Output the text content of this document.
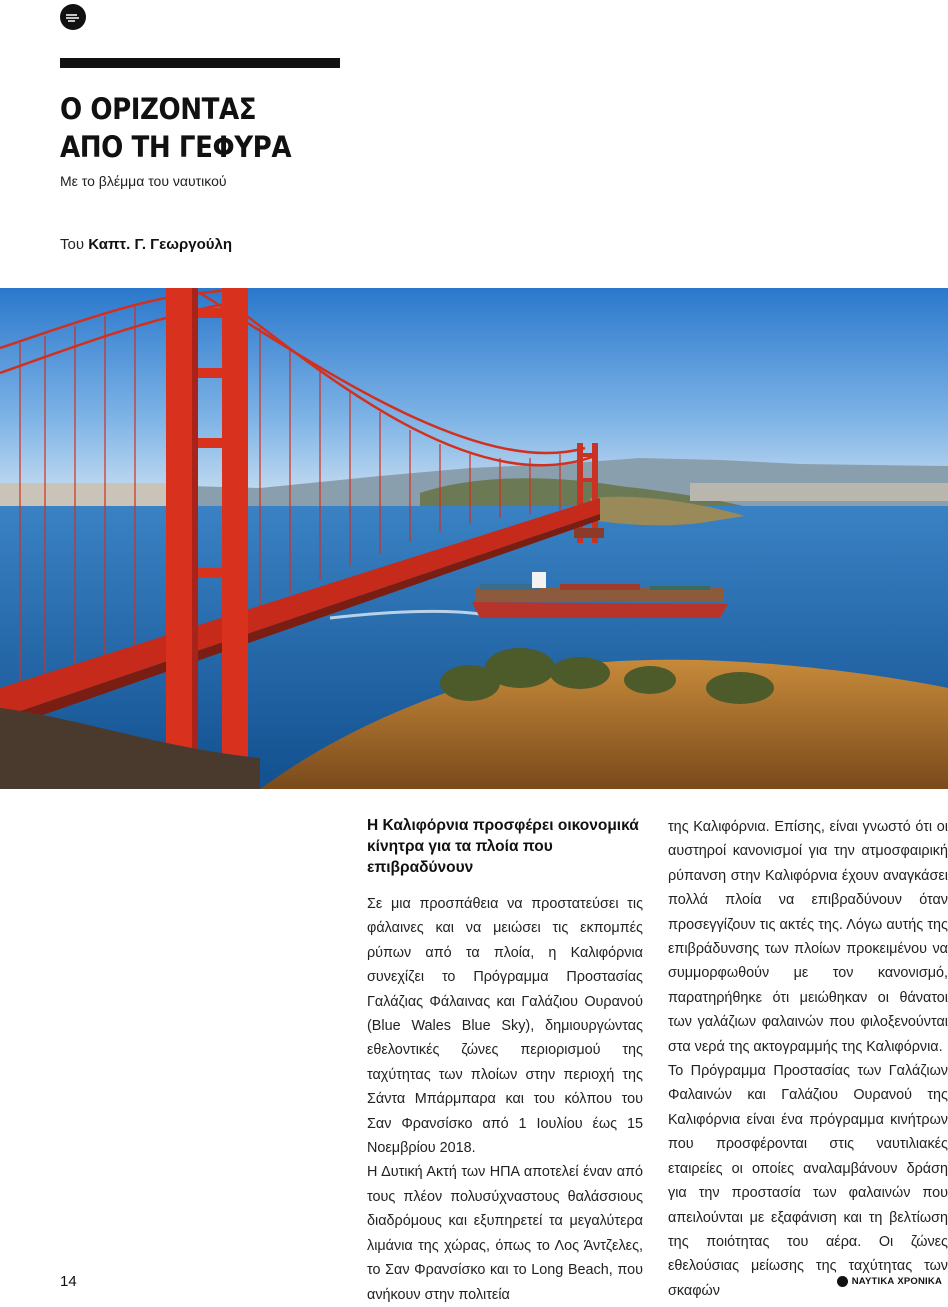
Ο ΟΡΙΖΟΝΤΑΣ
ΑΠΟ ΤΗ ΓΕΦΥΡΑ
Με το βλέμμα του ναυτικού
Του Καπτ. Γ. Γεωργούλη
Η Καλιφόρνια προσφέρει οικονομικά κίνητρα για τα πλοία που επιβραδύνουν

Σε μια προσπάθεια να προστατεύσει τις φάλαινες και να μειώσει τις εκπομπές ρύπων από τα πλοία, η Καλιφόρνια συνεχίζει το Πρόγραμμα Προστασίας Γαλάζιας Φάλαινας και Γαλάζιου Ουρανού (Blue Wales Blue Sky), δημιουργώντας εθελοντικές ζώνες περιορισμού της ταχύτητας των πλοίων στην περιοχή της Σάντα Μπάρμπαρα και του κόλπου του Σαν Φρανσίσκο από 1 Ιουλίου έως 15 Νοεμβρίου 2018.

Η Δυτική Ακτή των ΗΠΑ αποτελεί έναν από τους πλέον πολυσύχναστους θαλάσσιους διαδρόμους και εξυπηρετεί τα μεγαλύτερα λιμάνια της χώρας, όπως το Λος Άντζελες, το Σαν Φρανσίσκο και το Long Beach, που ανήκουν στην πολιτεία

της Καλιφόρνια. Επίσης, είναι γνωστό ότι οι αυστηροί κανονισμοί για την ατμοσφαιρική ρύπανση στην Καλιφόρνια έχουν αναγκάσει πολλά πλοία να επιβραδύνουν όταν προσεγγίζουν τις ακτές της. Λόγω αυτής της επιβράδυνσης των πλοίων προκειμένου να συμμορφωθούν με τον κανονισμό, παρατηρήθηκε ότι μειώθηκαν οι θάνατοι των γαλάζιων φαλαινών που φιλοξενούνται στα νερά της ακτογραμμής της Καλιφόρνια.

Το Πρόγραμμα Προστασίας των Γαλάζιων Φαλαινών και Γαλάζιου Ουρανού της Καλιφόρνια είναι ένα πρόγραμμα κινήτρων που προσφέρονται στις ναυτιλιακές εταιρείες οι οποίες αναλαμβάνουν δράση για την προστασία των φαλαινών που απειλούνται με εξαφάνιση και τη βελτίωση της ποιότητας του αέρα. Οι ζώνες εθελούσιας μείωσης της ταχύτητας των σκαφών

14	ΝΑΥΤΙΚΑ ΧΡΟΝΙΚΑ
